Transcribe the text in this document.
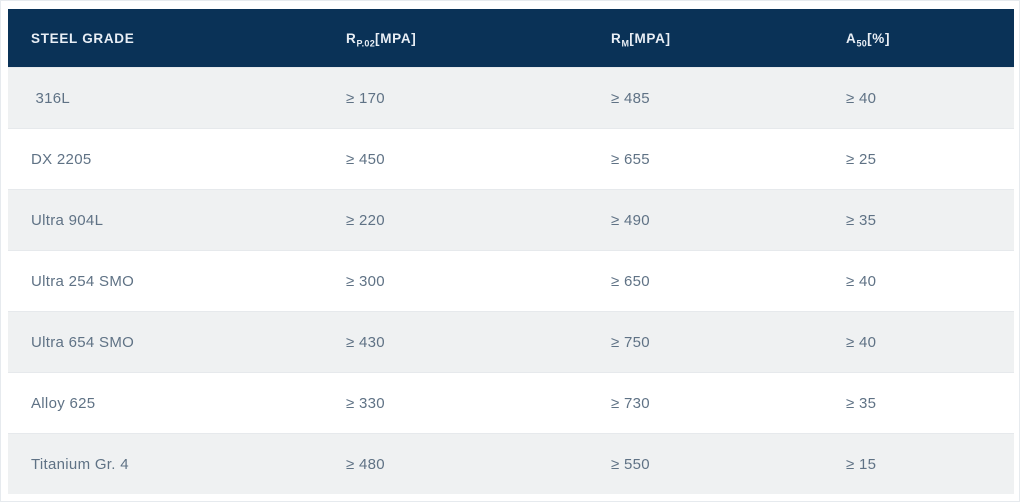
STEEL GRADE	$R_{P.02}[MPA]$	$R_M[MPA]$	$A_{50}[\%]$
316L	≥ 170	≥ 485	≥ 40
DX 2205	≥ 450	≥ 655	≥ 25
Ultra 904L	≥ 220	≥ 490	≥ 35
Ultra 254 SMO	≥ 300	≥ 650	≥ 40
Ultra 654 SMO	≥ 430	≥ 750	≥ 40
Alloy 625	≥ 330	≥ 730	≥ 35
Titanium Gr. 4	≥ 480	≥ 550	≥ 15
